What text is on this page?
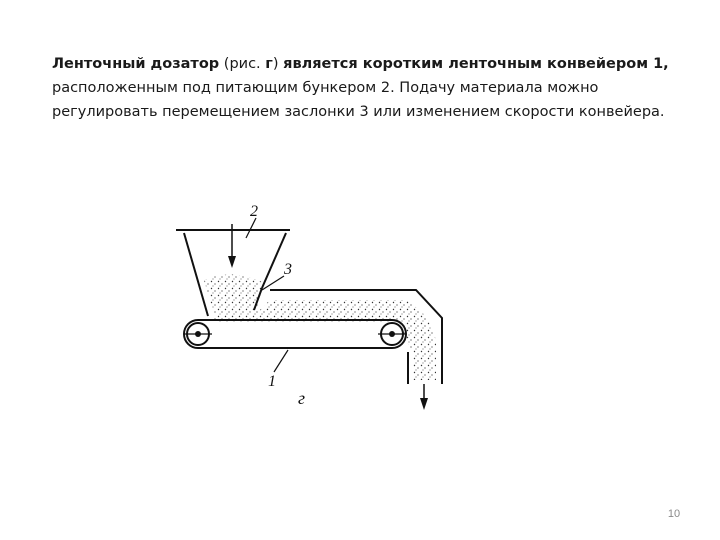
Ленточный дозатор (рис. г) является коротким ленточным конвейером 1,
расположенным под питающим бункером 2. Подачу материала можно
регулировать перемещением заслонки 3 или изменением скорости конвейера.
2
3
1
г
10
